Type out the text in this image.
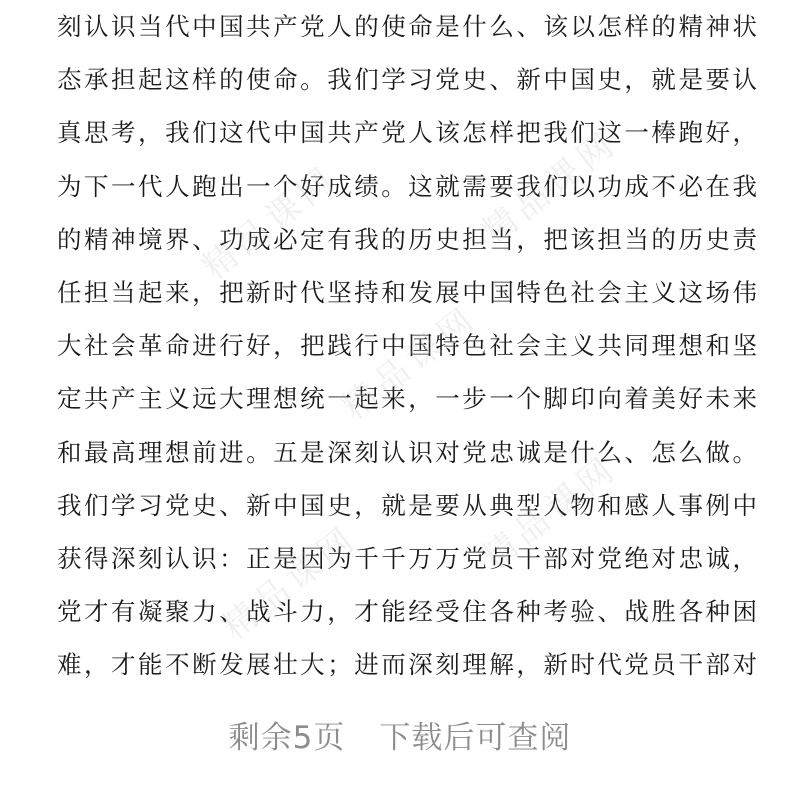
刻认识当代中国共产党人的使命是什么、该以怎样的精神状
态承担起这样的使命。我们学习党史、新中国史，就是要认
真思考，我们这代中国共产党人该怎样把我们这一棒跑好，
为下一代人跑出一个好成绩。这就需要我们以功成不必在我
的精神境界、功成必定有我的历史担当，把该担当的历史责
任担当起来，把新时代坚持和发展中国特色社会主义这场伟
大社会革命进行好，把践行中国特色社会主义共同理想和坚
定共产主义远大理想统一起来，一步一个脚印向着美好未来
和最高理想前进。五是深刻认识对党忠诚是什么、怎么做。
我们学习党史、新中国史，就是要从典型人物和感人事例中
获得深刻认识：正是因为千千万万党员干部对党绝对忠诚，
党才有凝聚力、战斗力，才能经受住各种考验、战胜各种困
难，才能不断发展壮大；进而深刻理解，新时代党员干部对
精品课网	精品课网
精品课网
精品课网
精品课网
剩余5页 下载后可查阅
